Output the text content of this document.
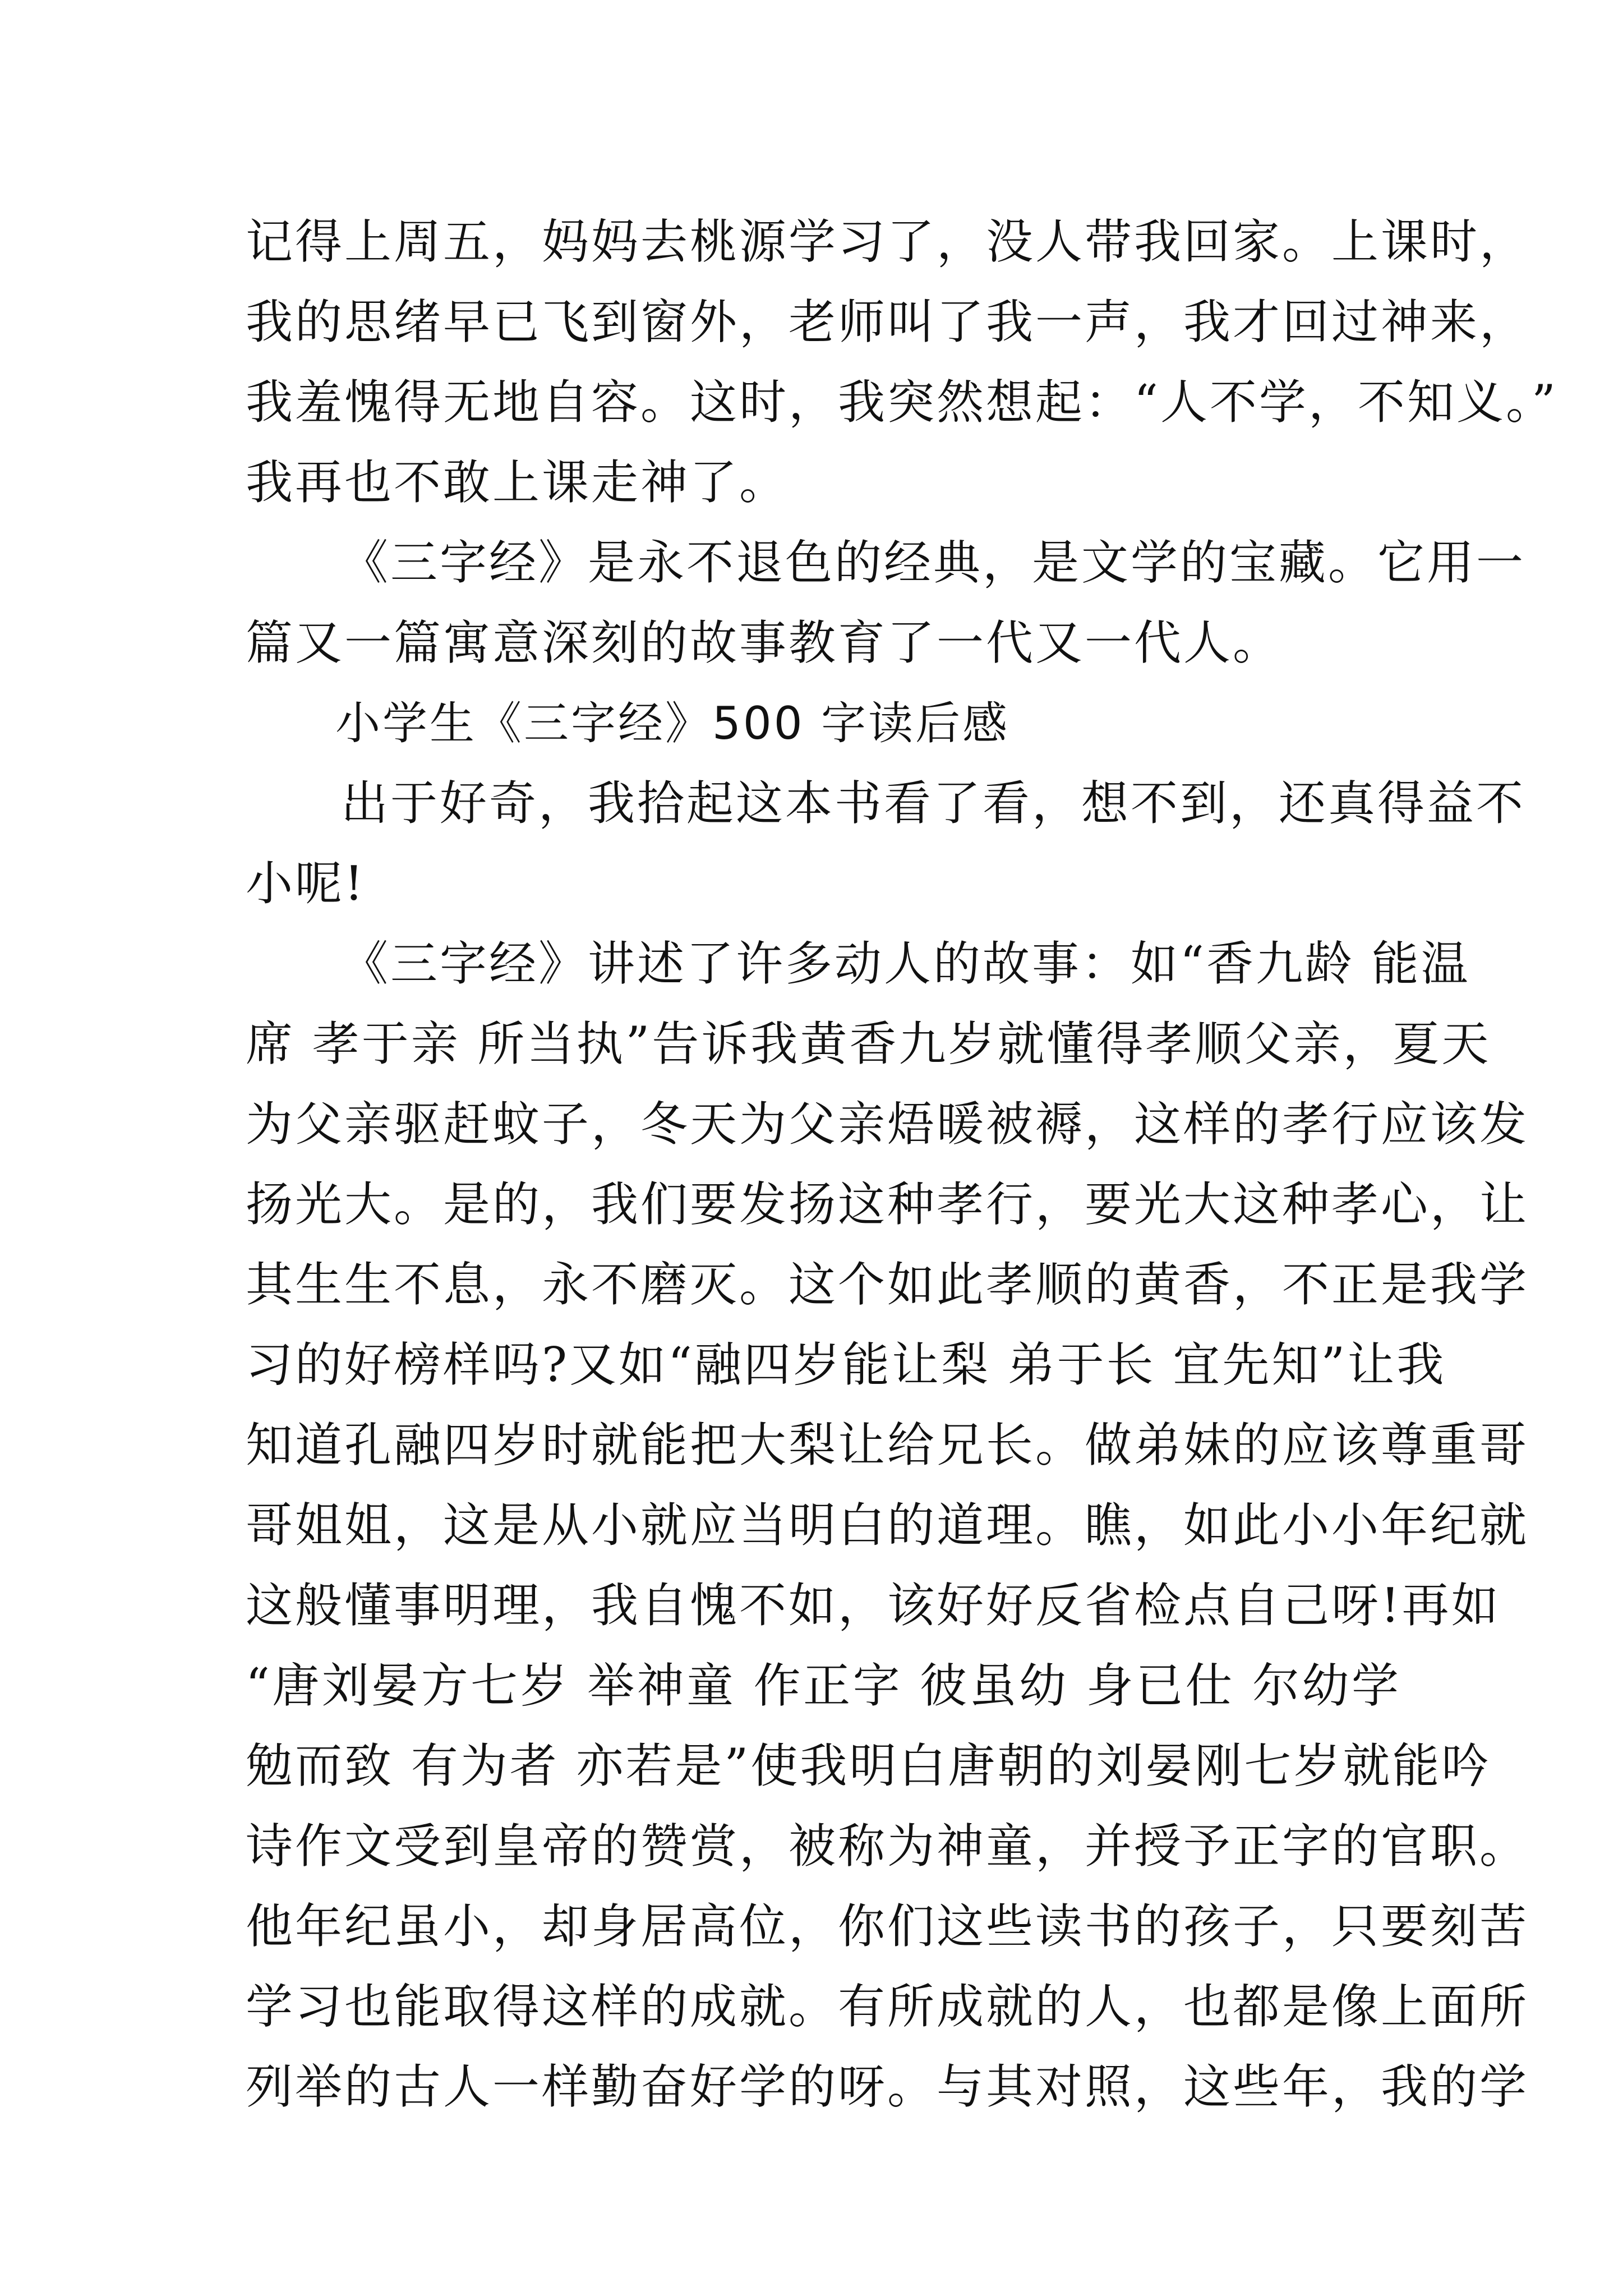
记得上周五，妈妈去桃源学习了，没人带我回家。上课时，
我的思绪早已飞到窗外，老师叫了我一声，我才回过神来，
我羞愧得无地自容。这时，我突然想起：“人不学，不知义。”
我再也不敢上课走神了。
《三字经》是永不退色的经典，是文学的宝藏。它用一
篇又一篇寓意深刻的故事教育了一代又一代人。
小学生《三字经》500 字读后感
出于好奇，我拾起这本书看了看，想不到，还真得益不
小呢!
《三字经》讲述了许多动人的故事：如“香九龄 能温
席 孝于亲 所当执”告诉我黄香九岁就懂得孝顺父亲，夏天
为父亲驱赶蚊子，冬天为父亲焐暖被褥，这样的孝行应该发
扬光大。是的，我们要发扬这种孝行，要光大这种孝心，让
其生生不息，永不磨灭。这个如此孝顺的黄香，不正是我学
习的好榜样吗?又如“融四岁能让梨 弟于长 宜先知”让我
知道孔融四岁时就能把大梨让给兄长。做弟妹的应该尊重哥
哥姐姐，这是从小就应当明白的道理。瞧，如此小小年纪就
这般懂事明理，我自愧不如，该好好反省检点自己呀!再如
“唐刘晏方七岁 举神童 作正字 彼虽幼 身已仕 尔幼学
勉而致 有为者 亦若是”使我明白唐朝的刘晏刚七岁就能吟
诗作文受到皇帝的赞赏，被称为神童，并授予正字的官职。
他年纪虽小，却身居高位，你们这些读书的孩子，只要刻苦
学习也能取得这样的成就。有所成就的人，也都是像上面所
列举的古人一样勤奋好学的呀。与其对照，这些年，我的学
